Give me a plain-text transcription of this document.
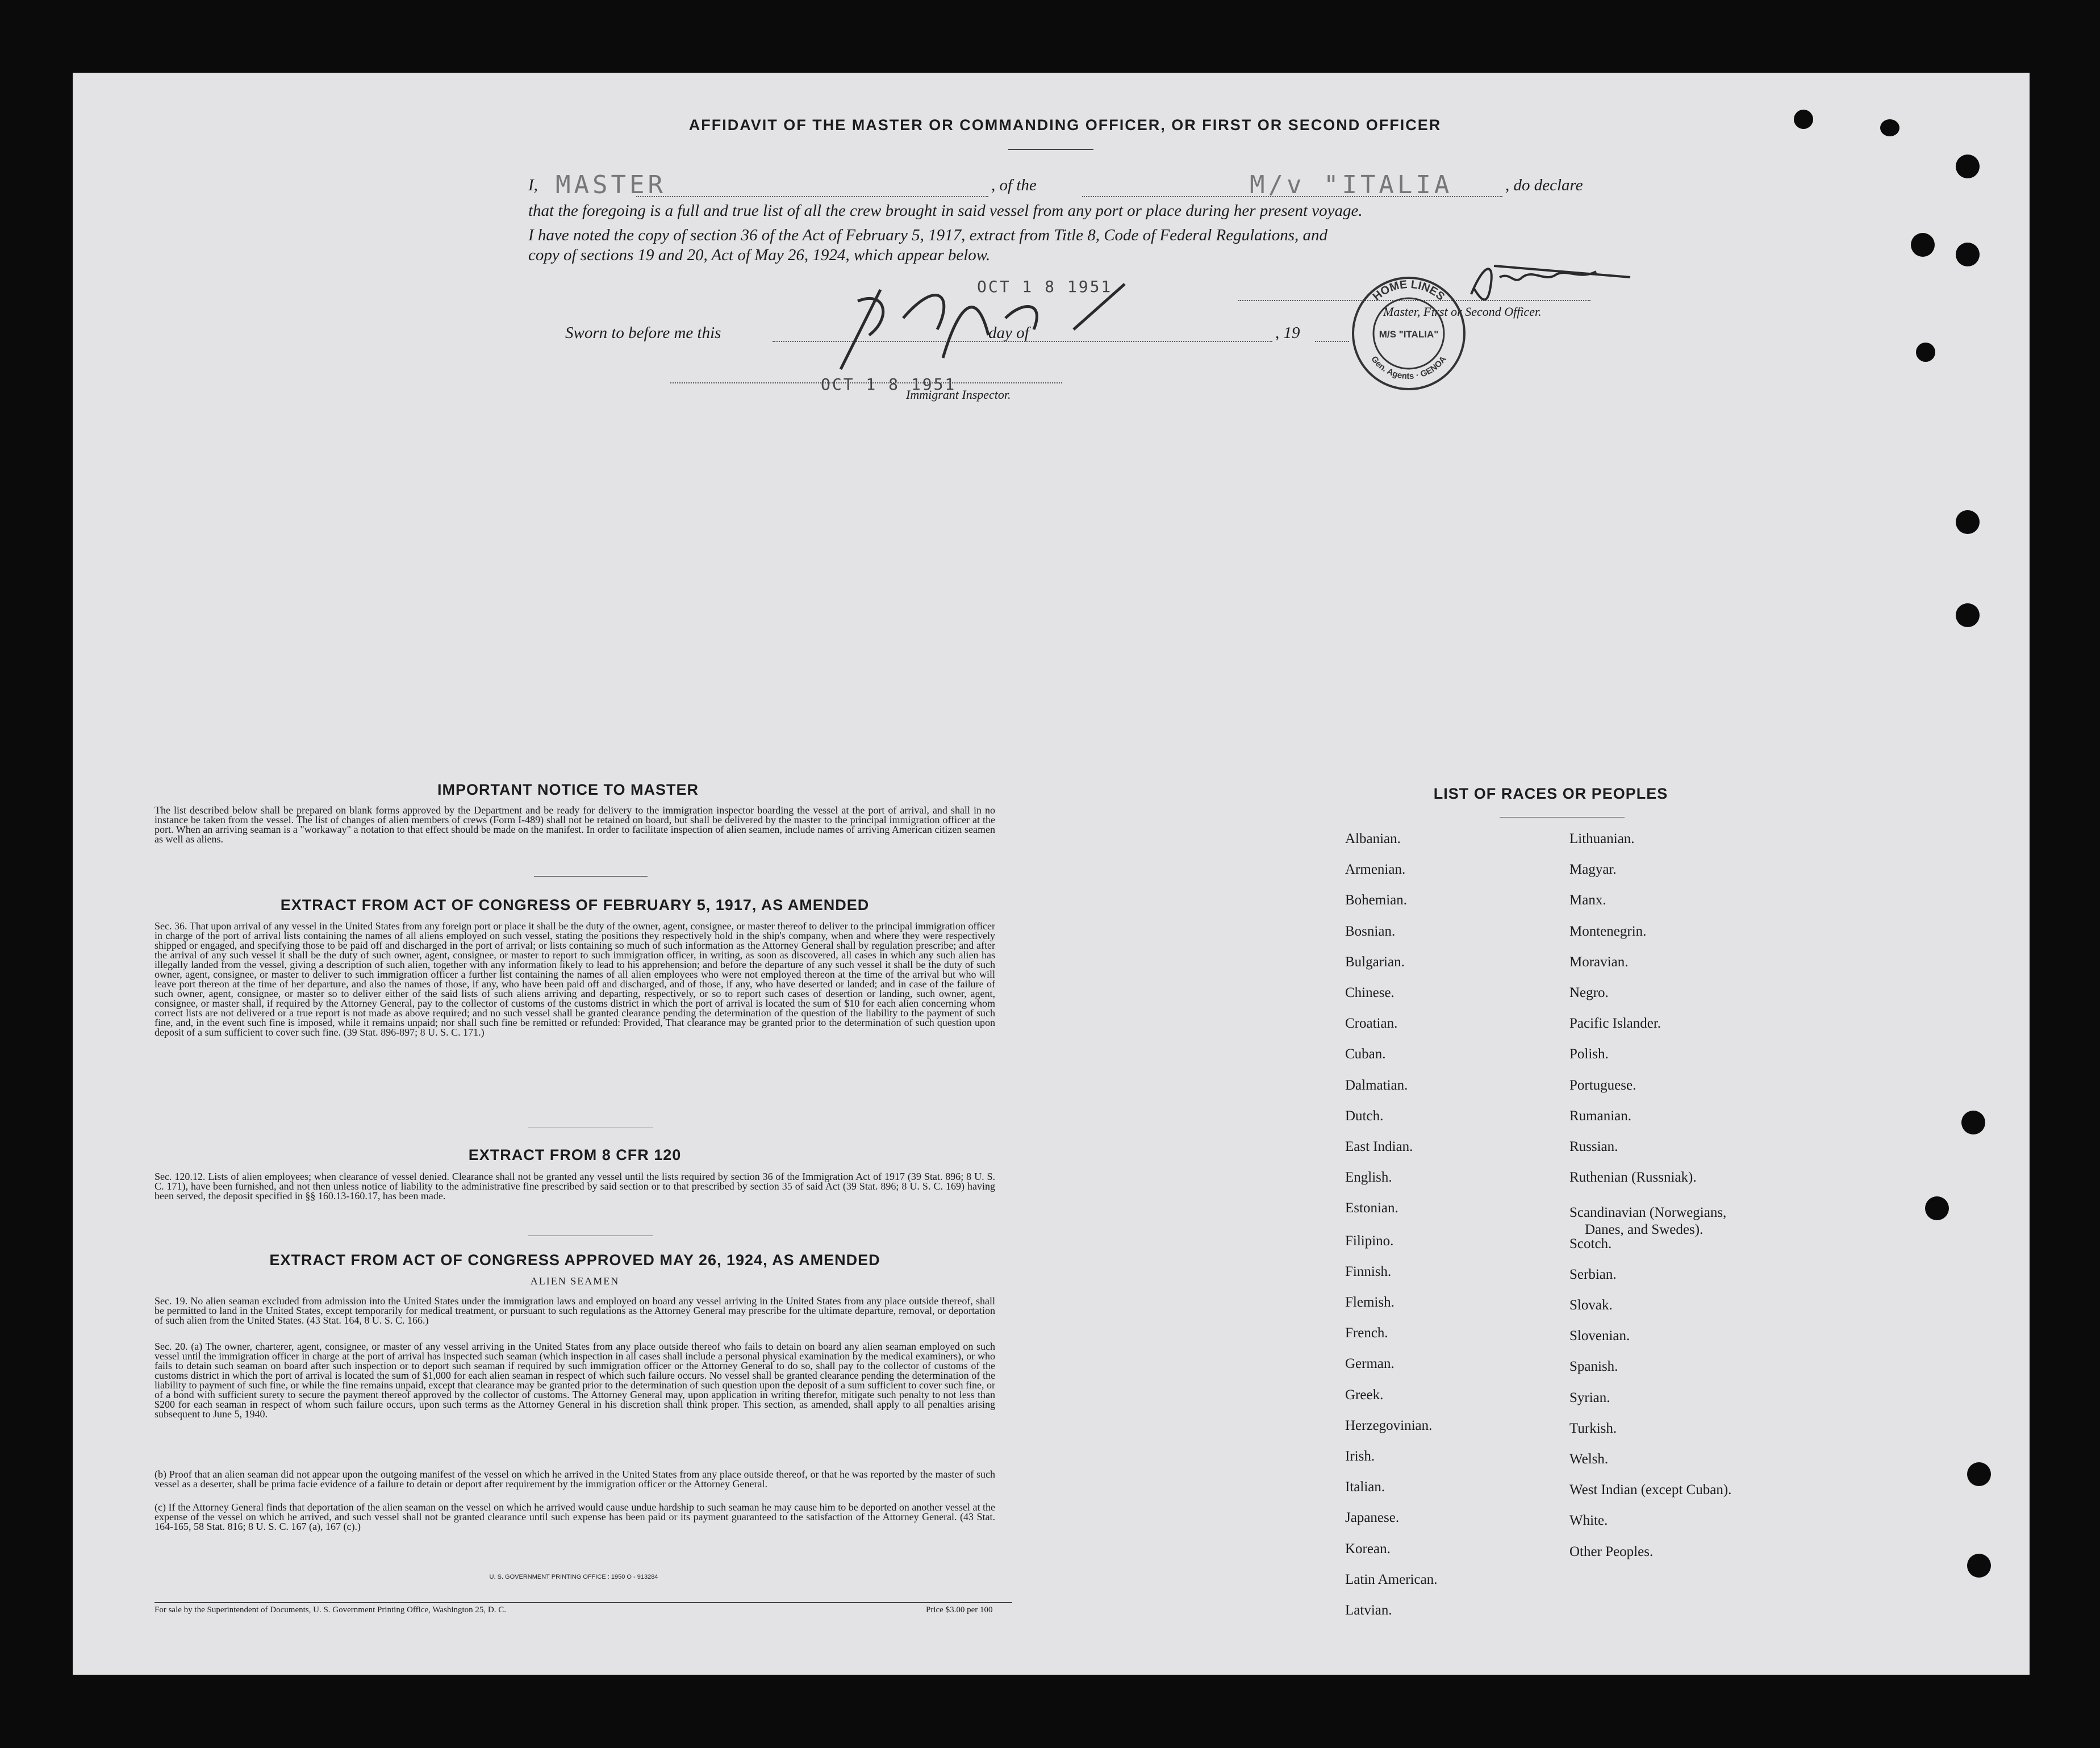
AFFIDAVIT OF THE MASTER OR COMMANDING OFFICER, OR FIRST OR SECOND OFFICER
I, MASTER	, of the	M/v "ITALIA	, do declare
that the foregoing is a full and true list of all the crew brought in said vessel from any port or place during her present voyage.
I have noted the copy of section 36 of the Act of February 5, 1917, extract from Title 8, Code of Federal Regulations, and
copy of sections 19 and 20, Act of May 26, 1924, which appear below.
Master, First or Second Officer.
HOME LINES
Gen. Agents · GENOA
M/S "ITALIA"
Sworn to before me this	day of	, 19
OCT 1 8 1951
OCT 1 8 1951
Immigrant Inspector.
IMPORTANT NOTICE TO MASTER
The list described below shall be prepared on blank forms approved by the Department and be ready for delivery to the immigration inspector boarding the vessel at the port of arrival, and shall in no instance be taken from the vessel. The list of changes of alien members of crews (Form I-489) shall not be retained on board, but shall be delivered by the master to the principal immigration officer at the port. When an arriving seaman is a "workaway" a notation to that effect should be made on the manifest. In order to facilitate inspection of alien seamen, include names of arriving American citizen seamen as well as aliens.
EXTRACT FROM ACT OF CONGRESS OF FEBRUARY 5, 1917, AS AMENDED
Sec. 36. That upon arrival of any vessel in the United States from any foreign port or place it shall be the duty of the owner, agent, consignee, or master thereof to deliver to the principal immigration officer in charge of the port of arrival lists containing the names of all aliens employed on such vessel, stating the positions they respectively hold in the ship's company, when and where they were respectively shipped or engaged, and specifying those to be paid off and discharged in the port of arrival; or lists containing so much of such information as the Attorney General shall by regulation prescribe; and after the arrival of any such vessel it shall be the duty of such owner, agent, consignee, or master to report to such immigration officer, in writing, as soon as discovered, all cases in which any such alien has illegally landed from the vessel, giving a description of such alien, together with any information likely to lead to his apprehension; and before the departure of any such vessel it shall be the duty of such owner, agent, consignee, or master to deliver to such immigration officer a further list containing the names of all alien employees who were not employed thereon at the time of the arrival but who will leave port thereon at the time of her departure, and also the names of those, if any, who have been paid off and discharged, and of those, if any, who have deserted or landed; and in case of the failure of such owner, agent, consignee, or master so to deliver either of the said lists of such aliens arriving and departing, respectively, or so to report such cases of desertion or landing, such owner, agent, consignee, or master shall, if required by the Attorney General, pay to the collector of customs of the customs district in which the port of arrival is located the sum of $10 for each alien concerning whom correct lists are not delivered or a true report is not made as above required; and no such vessel shall be granted clearance pending the determination of the question of the liability to the payment of such fine, and, in the event such fine is imposed, while it remains unpaid; nor shall such fine be remitted or refunded: Provided, That clearance may be granted prior to the determination of such question upon deposit of a sum sufficient to cover such fine. (39 Stat. 896-897; 8 U. S. C. 171.)
EXTRACT FROM 8 CFR 120
Sec. 120.12. Lists of alien employees; when clearance of vessel denied. Clearance shall not be granted any vessel until the lists required by section 36 of the Immigration Act of 1917 (39 Stat. 896; 8 U. S. C. 171), have been furnished, and not then unless notice of liability to the administrative fine prescribed by said section or to that prescribed by section 35 of said Act (39 Stat. 896; 8 U. S. C. 169) having been served, the deposit specified in §§ 160.13-160.17, has been made.
EXTRACT FROM ACT OF CONGRESS APPROVED MAY 26, 1924, AS AMENDED
ALIEN SEAMEN
Sec. 19. No alien seaman excluded from admission into the United States under the immigration laws and employed on board any vessel arriving in the United States from any place outside thereof, shall be permitted to land in the United States, except temporarily for medical treatment, or pursuant to such regulations as the Attorney General may prescribe for the ultimate departure, removal, or deportation of such alien from the United States. (43 Stat. 164, 8 U. S. C. 166.)
Sec. 20. (a) The owner, charterer, agent, consignee, or master of any vessel arriving in the United States from any place outside thereof who fails to detain on board any alien seaman employed on such vessel until the immigration officer in charge at the port of arrival has inspected such seaman (which inspection in all cases shall include a personal physical examination by the medical examiners), or who fails to detain such seaman on board after such inspection or to deport such seaman if required by such immigration officer or the Attorney General to do so, shall pay to the collector of customs of the customs district in which the port of arrival is located the sum of $1,000 for each alien seaman in respect of which such failure occurs. No vessel shall be granted clearance pending the determination of the liability to payment of such fine, or while the fine remains unpaid, except that clearance may be granted prior to the determination of such question upon the deposit of a sum sufficient to cover such fine, or of a bond with sufficient surety to secure the payment thereof approved by the collector of customs. The Attorney General may, upon application in writing therefor, mitigate such penalty to not less than $200 for each seaman in respect of whom such failure occurs, upon such terms as the Attorney General in his discretion shall think proper. This section, as amended, shall apply to all penalties arising subsequent to June 5, 1940.
(b) Proof that an alien seaman did not appear upon the outgoing manifest of the vessel on which he arrived in the United States from any place outside thereof, or that he was reported by the master of such vessel as a deserter, shall be prima facie evidence of a failure to detain or deport after requirement by the immigration officer or the Attorney General.
(c) If the Attorney General finds that deportation of the alien seaman on the vessel on which he arrived would cause undue hardship to such seaman he may cause him to be deported on another vessel at the expense of the vessel on which he arrived, and such vessel shall not be granted clearance until such expense has been paid or its payment guaranteed to the satisfaction of the Attorney General. (43 Stat. 164-165, 58 Stat. 816; 8 U. S. C. 167 (a), 167 (c).)
U. S. GOVERNMENT PRINTING OFFICE : 1950 O - 913284
For sale by the Superintendent of Documents, U. S. Government Printing Office, Washington 25, D. C.	Price $3.00 per 100
LIST OF RACES OR PEOPLES
Albanian.
Armenian.
Bohemian.
Bosnian.
Bulgarian.
Chinese.
Croatian.
Cuban.
Dalmatian.
Dutch.
East Indian.
English.
Estonian.
Filipino.
Finnish.
Flemish.
French.
German.
Greek.
Herzegovinian.
Irish.
Italian.
Japanese.
Korean.
Latin American.
Latvian.
Lithuanian.
Magyar.
Manx.
Montenegrin.
Moravian.
Negro.
Pacific Islander.
Polish.
Portuguese.
Rumanian.
Russian.
Ruthenian (Russniak).
Scandinavian (Norwegians,
Danes, and Swedes).
Scotch.
Serbian.
Slovak.
Slovenian.
Spanish.
Syrian.
Turkish.
Welsh.
West Indian (except Cuban).
White.
Other Peoples.
